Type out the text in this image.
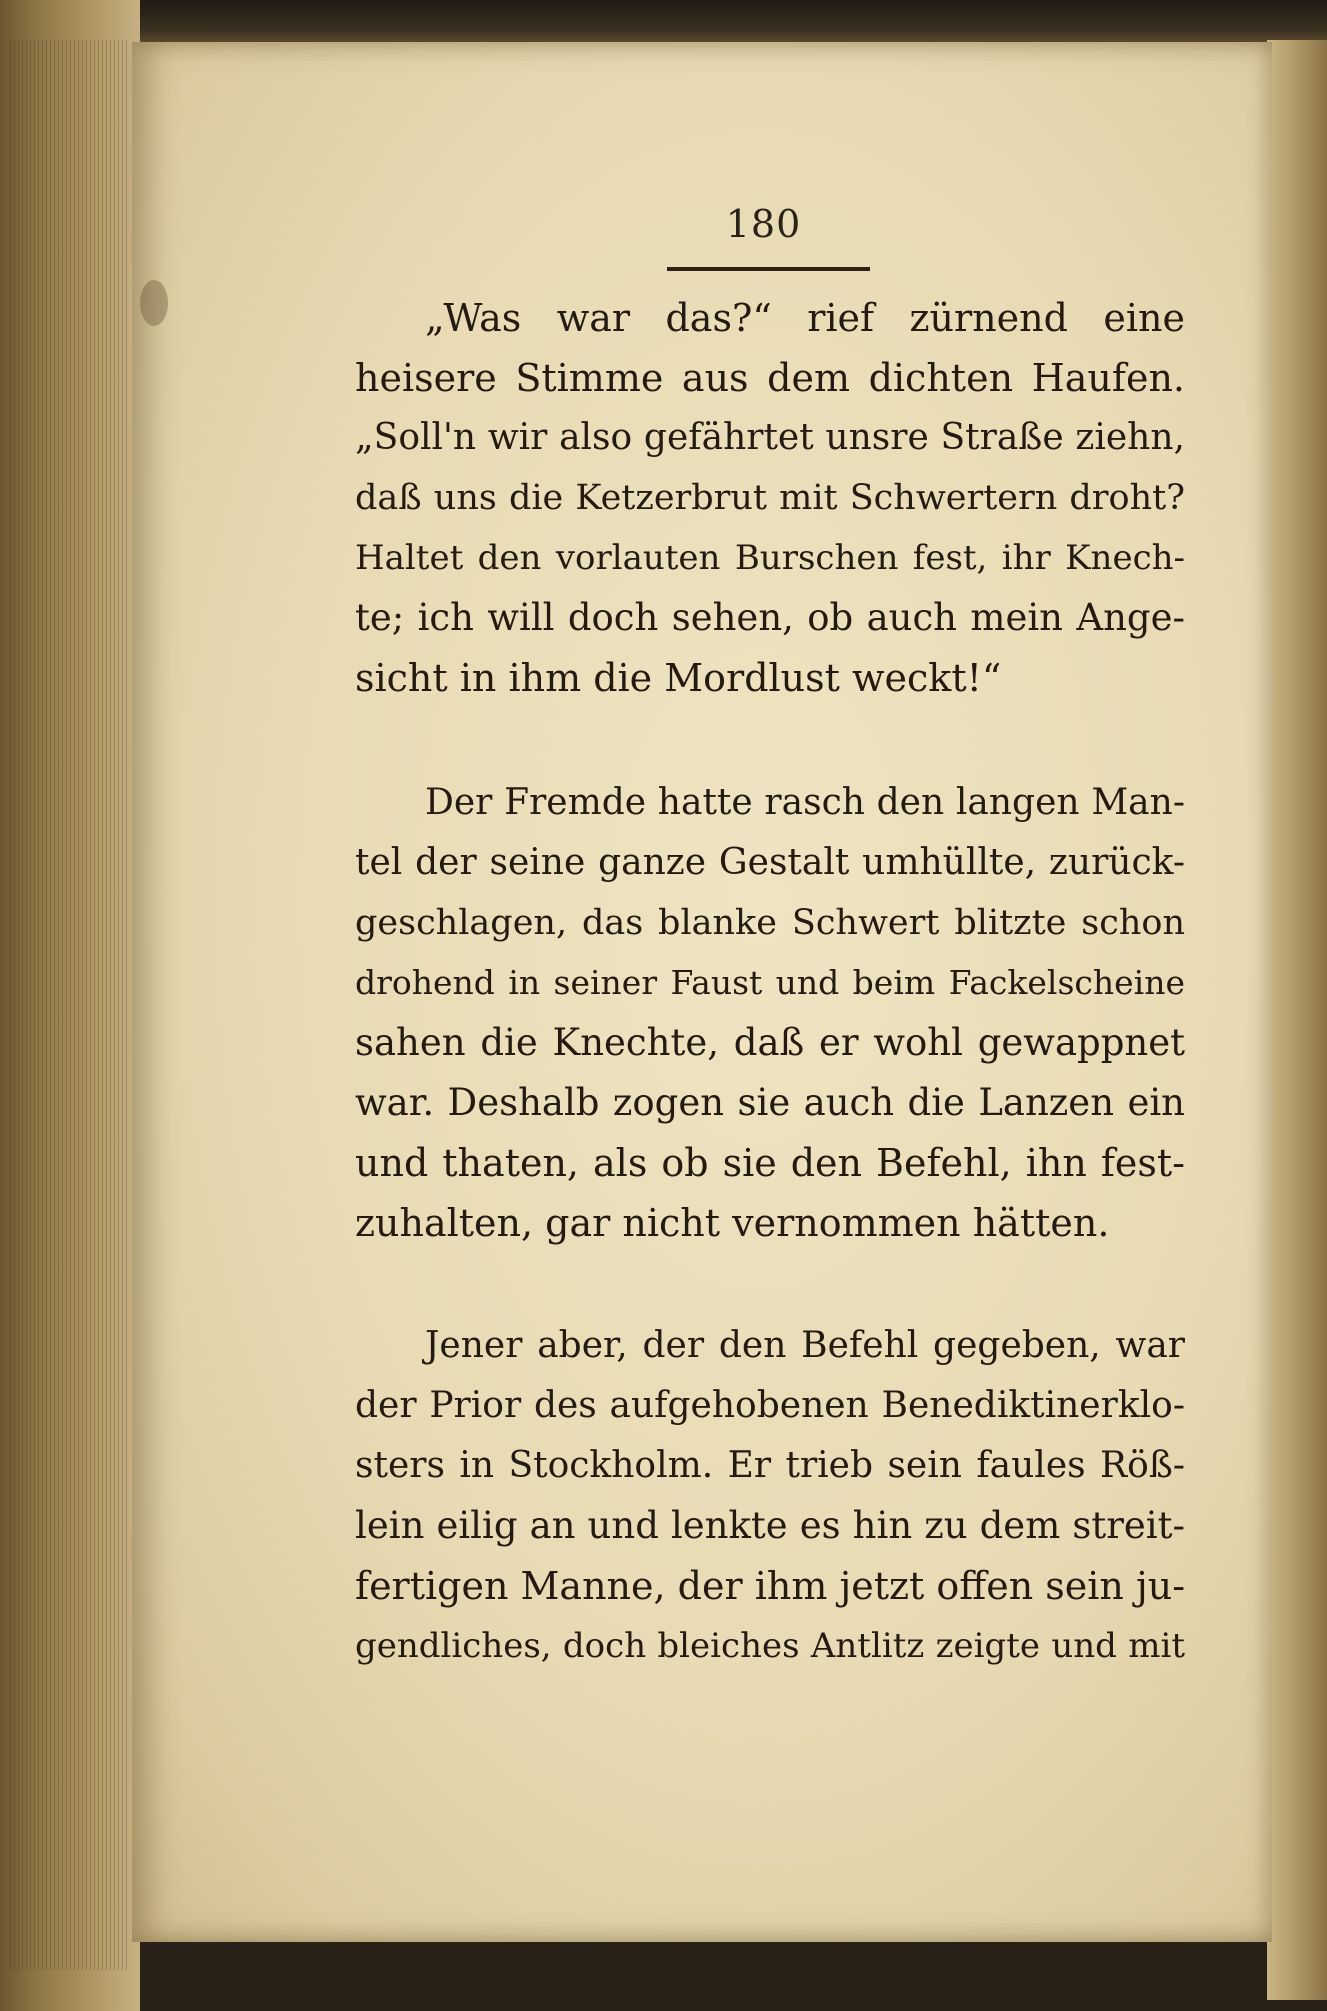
180
„Was war das?“ rief zürnend eine
heisere Stimme aus dem dichten Haufen.
„Soll'n wir also gefährtet unsre Straße ziehn,
daß uns die Ketzerbrut mit Schwertern droht?
Haltet den vorlauten Burschen fest, ihr Knech-
te; ich will doch sehen, ob auch mein Ange-
sicht in ihm die Mordlust weckt!“
Der Fremde hatte rasch den langen Man-
tel der seine ganze Gestalt umhüllte, zurück-
geschlagen, das blanke Schwert blitzte schon
drohend in seiner Faust und beim Fackelscheine
sahen die Knechte, daß er wohl gewappnet
war. Deshalb zogen sie auch die Lanzen ein
und thaten, als ob sie den Befehl, ihn fest-
zuhalten, gar nicht vernommen hätten.
Jener aber, der den Befehl gegeben, war
der Prior des aufgehobenen Benediktinerklo-
sters in Stockholm. Er trieb sein faules Röß-
lein eilig an und lenkte es hin zu dem streit-
fertigen Manne, der ihm jetzt offen sein ju-
gendliches, doch bleiches Antlitz zeigte und mit
